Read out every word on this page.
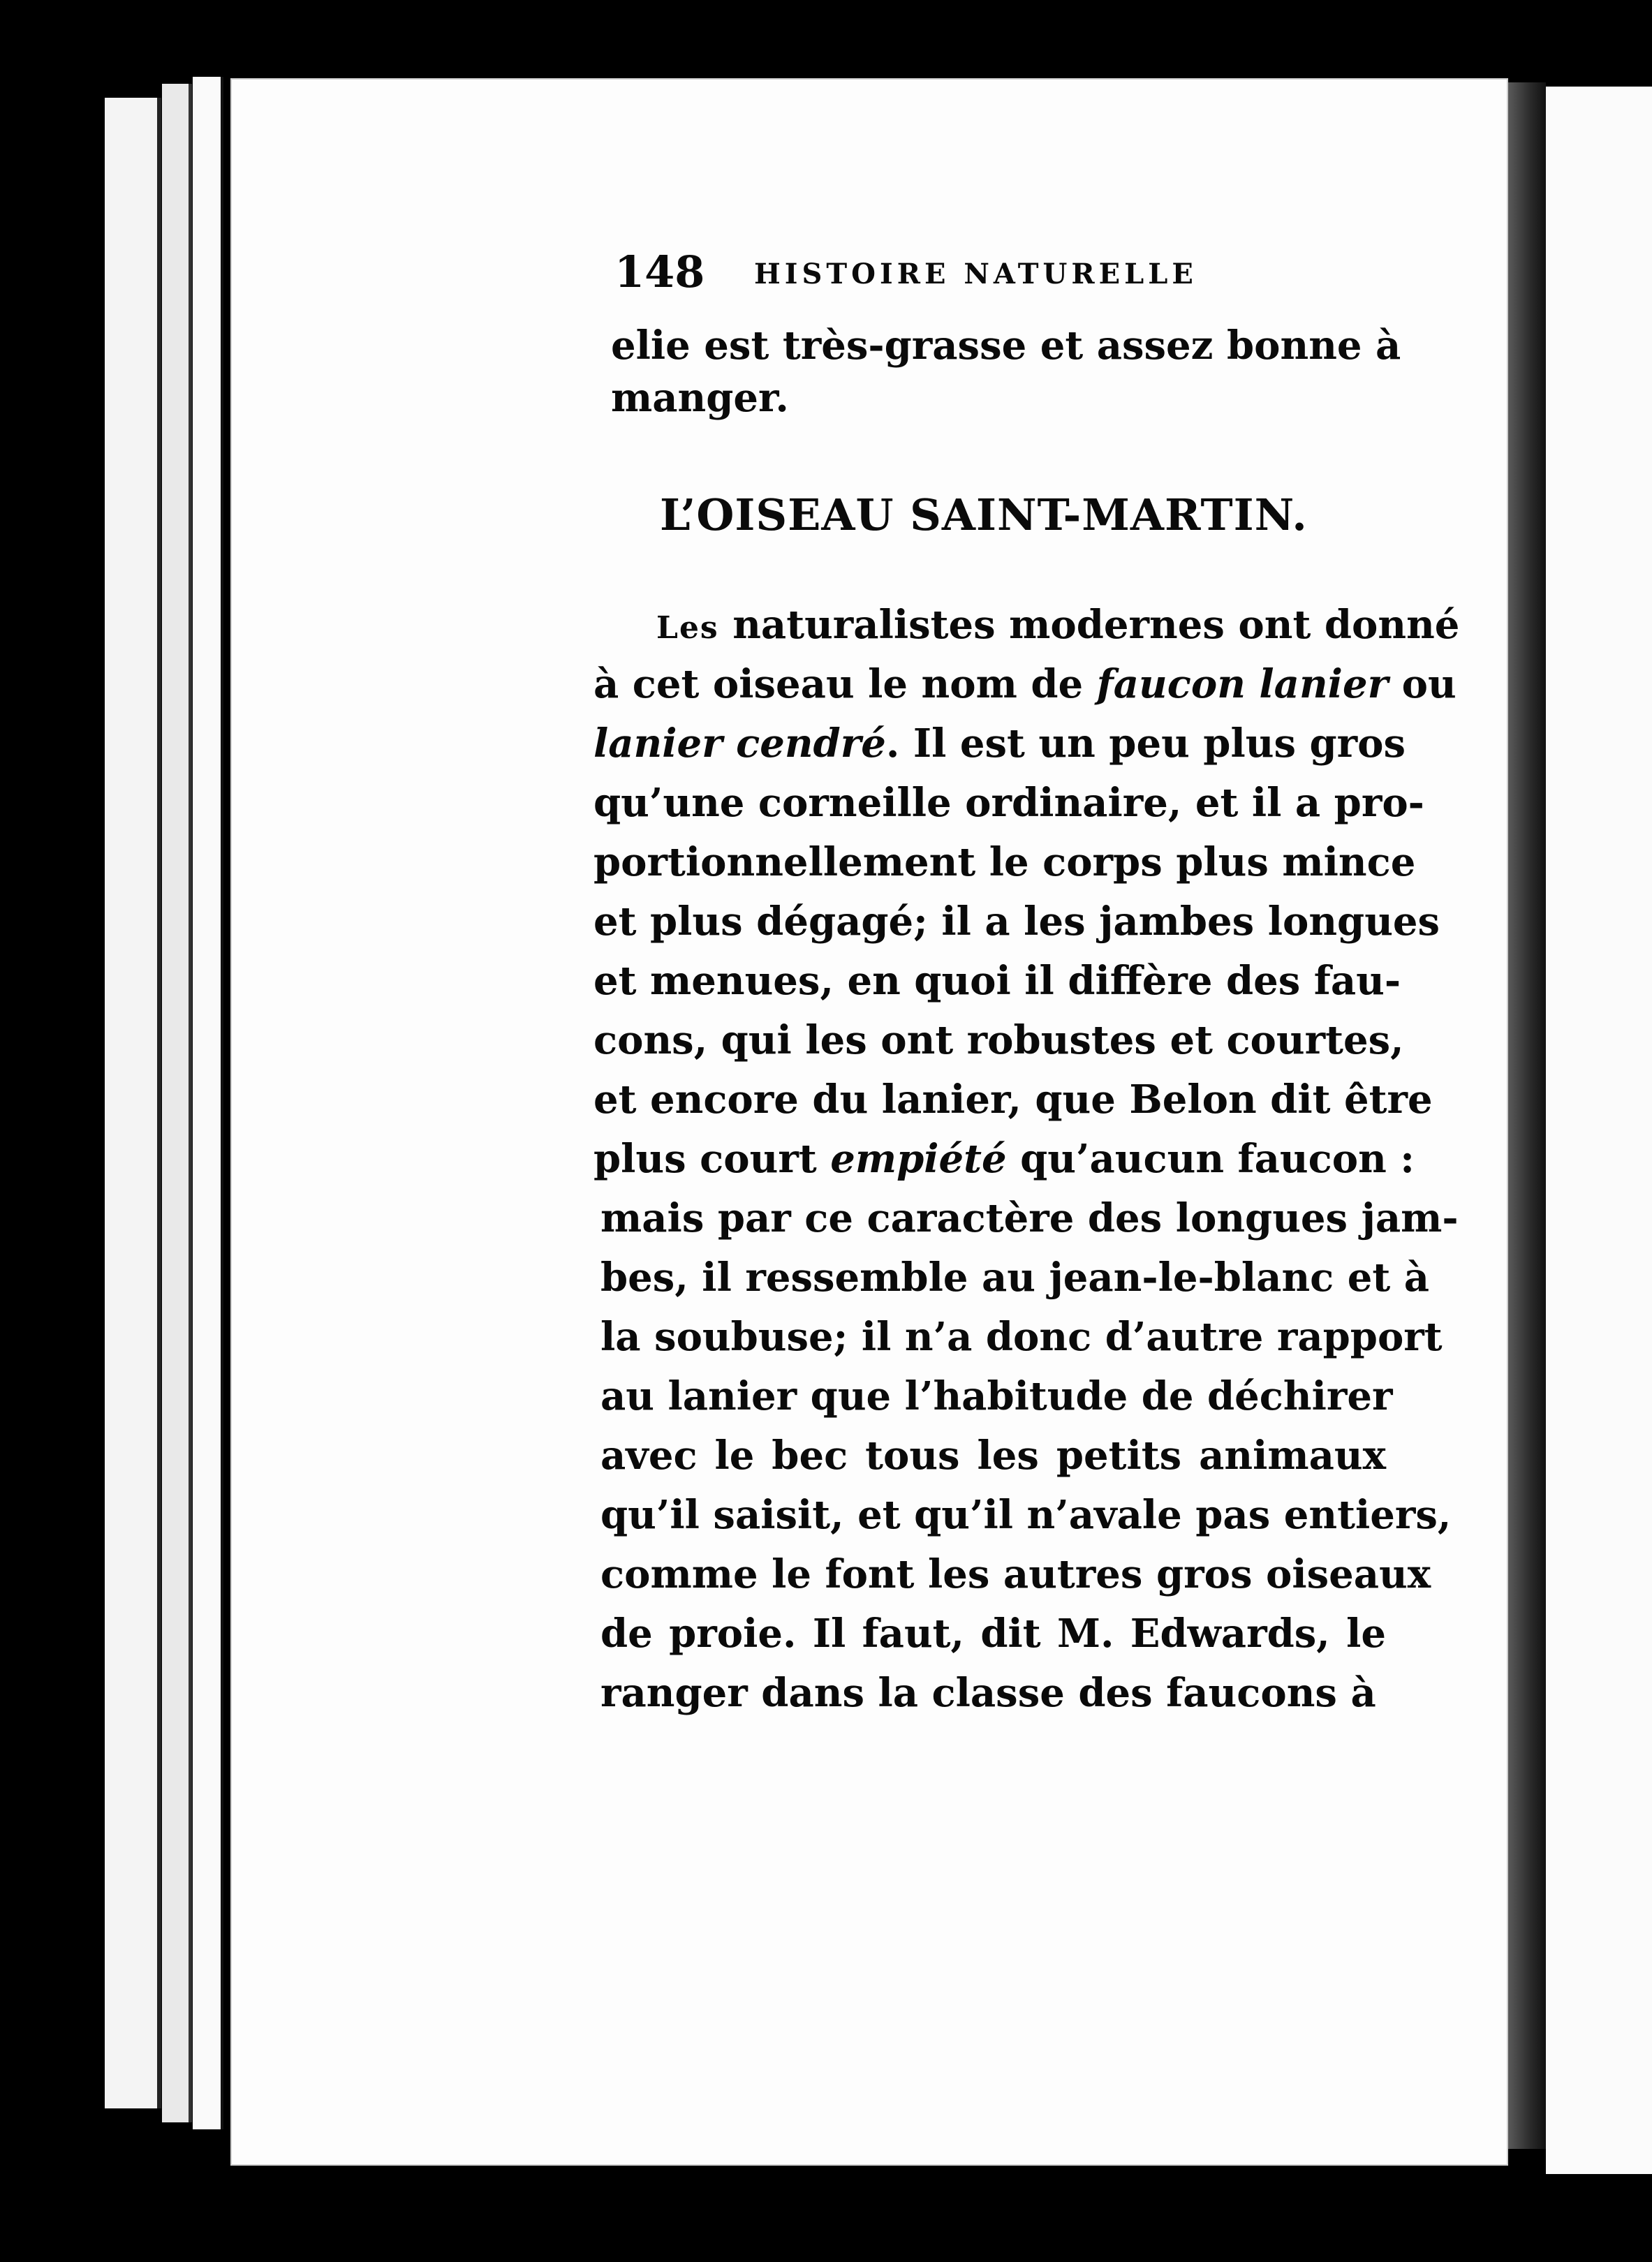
148 HISTOIRE NATURELLE
elie est très-grasse et assez bonne à
manger.
L’OISEAU SAINT-MARTIN.
Les naturalistes modernes ont donné
à cet oiseau le nom de faucon lanier ou
lanier cendré. Il est un peu plus gros
qu’une corneille ordinaire, et il a pro-
portionnellement le corps plus mince
et plus dégagé; il a les jambes longues
et menues, en quoi il diffère des fau-
cons, qui les ont robustes et courtes,
et encore du lanier, que Belon dit être
plus court empiété qu’aucun faucon :
mais par ce caractère des longues jam-
bes, il ressemble au jean-le-blanc et à
la soubuse; il n’a donc d’autre rapport
au lanier que l’habitude de déchirer
avec le bec tous les petits animaux
qu’il saisit, et qu’il n’avale pas entiers,
comme le font les autres gros oiseaux
de proie. Il faut, dit M. Edwards, le
ranger dans la classe des faucons à
